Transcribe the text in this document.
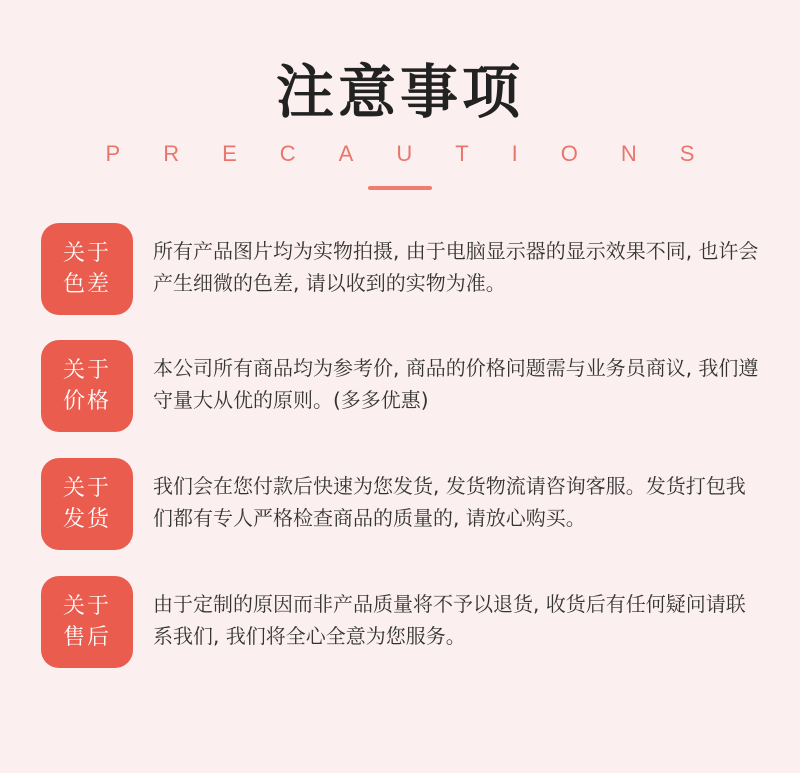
注意事项
PRECAUTIONS
关于
色差
所有产品图片均为实物拍摄, 由于电脑显示器的显示效果不同, 也许会产生细微的色差, 请以收到的实物为准。
关于
价格
本公司所有商品均为参考价, 商品的价格问题需与业务员商议, 我们遵守量大从优的原则。(多多优惠)
关于
发货
我们会在您付款后快速为您发货, 发货物流请咨询客服。发货打包我们都有专人严格检查商品的质量的, 请放心购买。
关于
售后
由于定制的原因而非产品质量将不予以退货, 收货后有任何疑问请联系我们, 我们将全心全意为您服务。
